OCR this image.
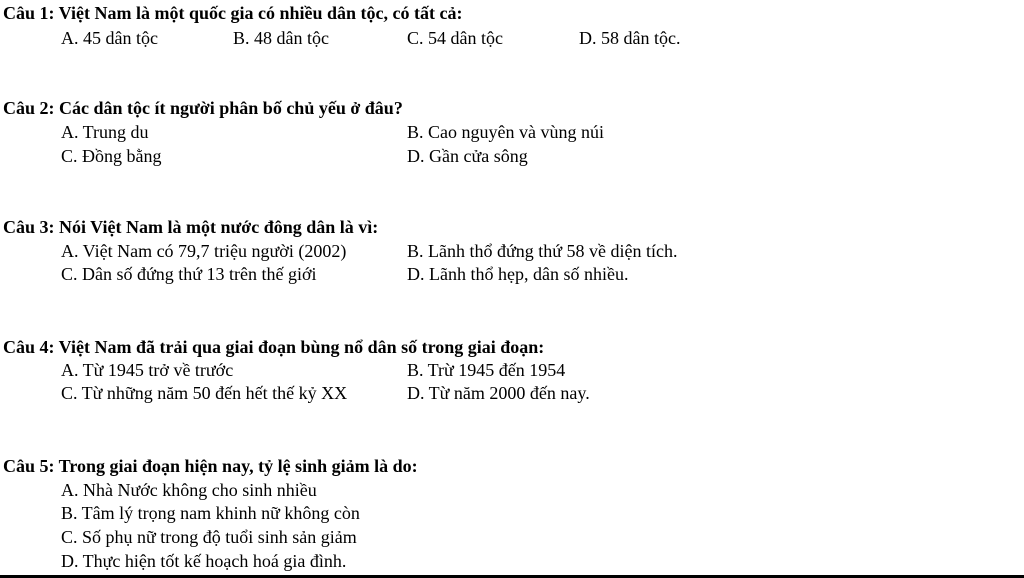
Câu 1: Việt Nam là một quốc gia có nhiều dân tộc, có tất cả:
A. 45 dân tộc	B. 48 dân tộc	C. 54 dân tộc	D. 58 dân tộc.
Câu 2: Các dân tộc ít người phân bố chủ yếu ở đâu?
A. Trung du	B. Cao nguyên và vùng núi
C. Đồng bằng	D. Gần cửa sông
Câu 3: Nói Việt Nam là một nước đông dân là vì:
A. Việt Nam có 79,7 triệu người (2002)	B. Lãnh thổ đứng thứ 58 về diện tích.
C. Dân số đứng thứ 13 trên thế giới	D. Lãnh thổ hẹp, dân số nhiều.
Câu 4: Việt Nam đã trải qua giai đoạn bùng nổ dân số trong giai đoạn:
A. Từ 1945 trở về trước	B. Trừ 1945 đến 1954
C. Từ những năm 50 đến hết thế kỷ XX	D. Từ năm 2000 đến nay.
Câu 5: Trong giai đoạn hiện nay, tỷ lệ sinh giảm là do:
A. Nhà Nước không cho sinh nhiều
B. Tâm lý trọng nam khinh nữ không còn
C. Số phụ nữ trong độ tuổi sinh sản giảm
D. Thực hiện tốt kế hoạch hoá gia đình.
